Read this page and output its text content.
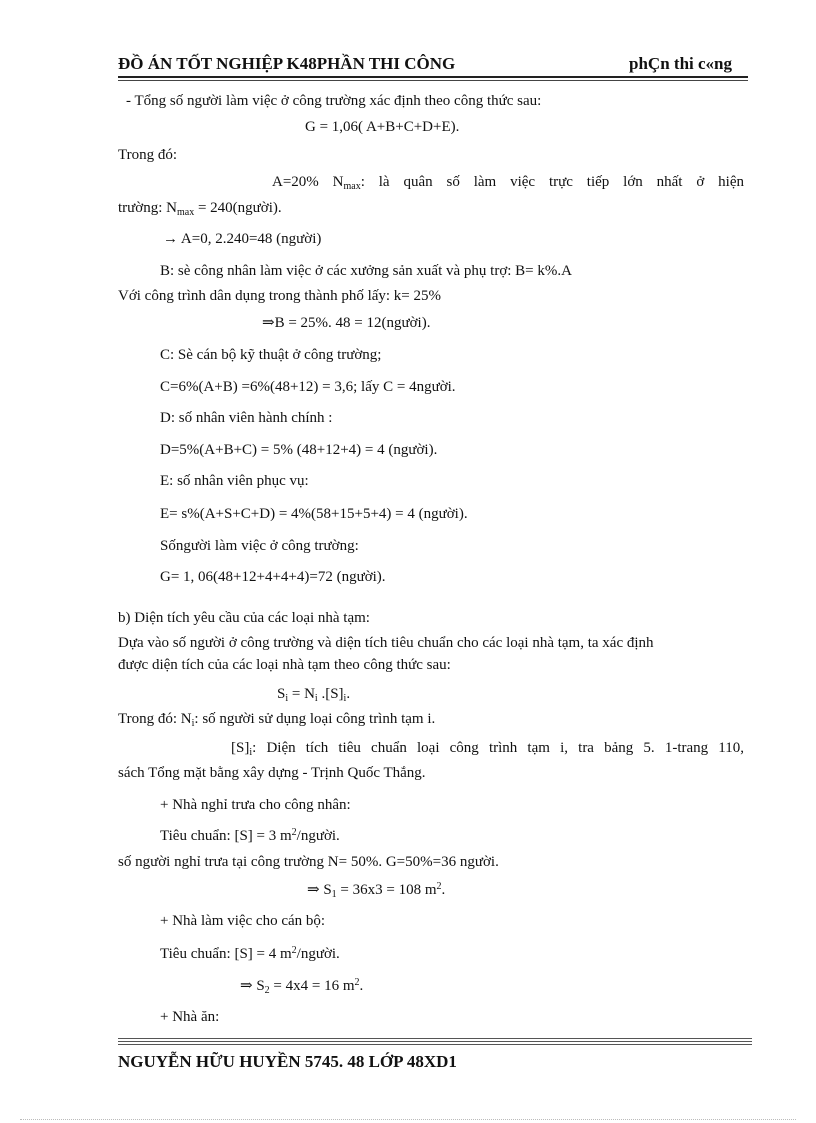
ĐỒ ÁN TỐT NGHIỆP K48PHẦN THI CÔNG	phÇn thi c«ng
- Tổng số người làm việc ở công trường xác định theo công thức sau:
G = 1,06( A+B+C+D+E).
Trong đó:
A=20% $N_{max}$: là quân số làm việc trực tiếp lớn nhất ở hiện
trường: $N_{max}$ = 240(người).
→ A=0, 2.240=48 (người)
B: sè công nhân làm việc ở các xưởng sản xuất và phụ trợ: B= k%.A
Với công trình dân dụng trong thành phố lấy: k= 25%
⇒B = 25%. 48 = 12(người).
C: Sè cán bộ kỹ thuật ở công trường;
C=6%(A+B) =6%(48+12) = 3,6; lấy C = 4người.
D: số nhân viên hành chính :
D=5%(A+B+C) = 5% (48+12+4) = 4 (người).
E: số nhân viên phục vụ:
E= s%(A+S+C+D) = 4%(58+15+5+4) = 4 (người).
Sốngười làm việc ở công trường:
G= 1, 06(48+12+4+4+4)=72 (người).
b) Diện tích yêu cầu của các loại nhà tạm:
Dựa vào số người ở công trường và diện tích tiêu chuẩn cho các loại nhà tạm, ta xác định
được diện tích của các loại nhà tạm theo công thức sau:
$S_i = N_i$ $.[S]_i$.
Trong đó: $N_i$: số người sử dụng loại công trình tạm i.
$[S]_i$: Diện tích tiêu chuẩn loại công trình tạm i, tra bảng 5. 1-trang 110,
sách Tổng mặt bằng xây dựng - Trịnh Quốc Thắng.
+ Nhà nghỉ trưa cho công nhân:
Tiêu chuẩn: [S] = 3 $m^2$/người.
số người nghỉ trưa tại công trường N= 50%. G=50%=36 người.
⇒ $S_1 = 36x3 = 108$ $m^2$.
+ Nhà làm việc cho cán bộ:
Tiêu chuẩn: [S] = 4 $m^2$/người.
⇒ $S_2 = 4x4 = 16$ $m^2$.
+ Nhà ăn:
NGUYỄN HỮU HUYỀN 5745. 48 LỚP 48XD1
